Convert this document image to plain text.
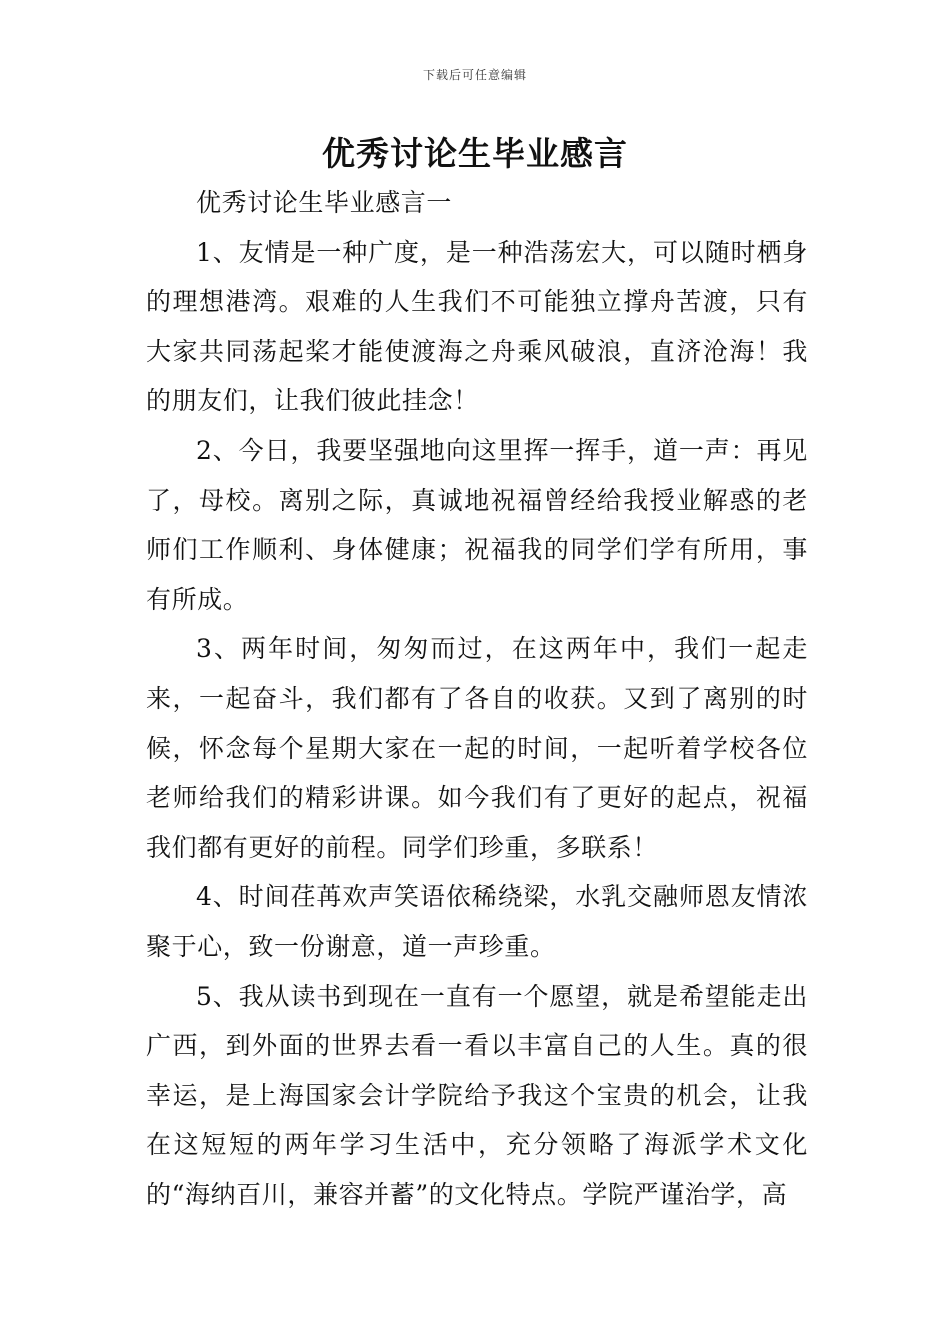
下载后可任意编辑
优秀讨论生毕业感言

优秀讨论生毕业感言一

1、友情是一种广度，是一种浩荡宏大，可以随时栖身的理想港湾。艰难的人生我们不可能独立撑舟苦渡，只有大家共同荡起桨才能使渡海之舟乘风破浪，直济沧海！我的朋友们，让我们彼此挂念！

2、今日，我要坚强地向这里挥一挥手，道一声：再见了，母校。离别之际，真诚地祝福曾经给我授业解惑的老师们工作顺利、身体健康；祝福我的同学们学有所用，事有所成。

3、两年时间，匆匆而过，在这两年中，我们一起走来，一起奋斗，我们都有了各自的收获。又到了离别的时候，怀念每个星期大家在一起的时间，一起听着学校各位老师给我们的精彩讲课。如今我们有了更好的起点，祝福我们都有更好的前程。同学们珍重，多联系！

4、时间荏苒欢声笑语依稀绕梁，水乳交融师恩友情浓聚于心，致一份谢意，道一声珍重。

5、我从读书到现在一直有一个愿望，就是希望能走出广西，到外面的世界去看一看以丰富自己的人生。真的很幸运，是上海国家会计学院给予我这个宝贵的机会，让我在这短短的两年学习生活中，充分领略了海派学术文化的“海纳百川，兼容并蓄”的文化特点。学院严谨治学，高
